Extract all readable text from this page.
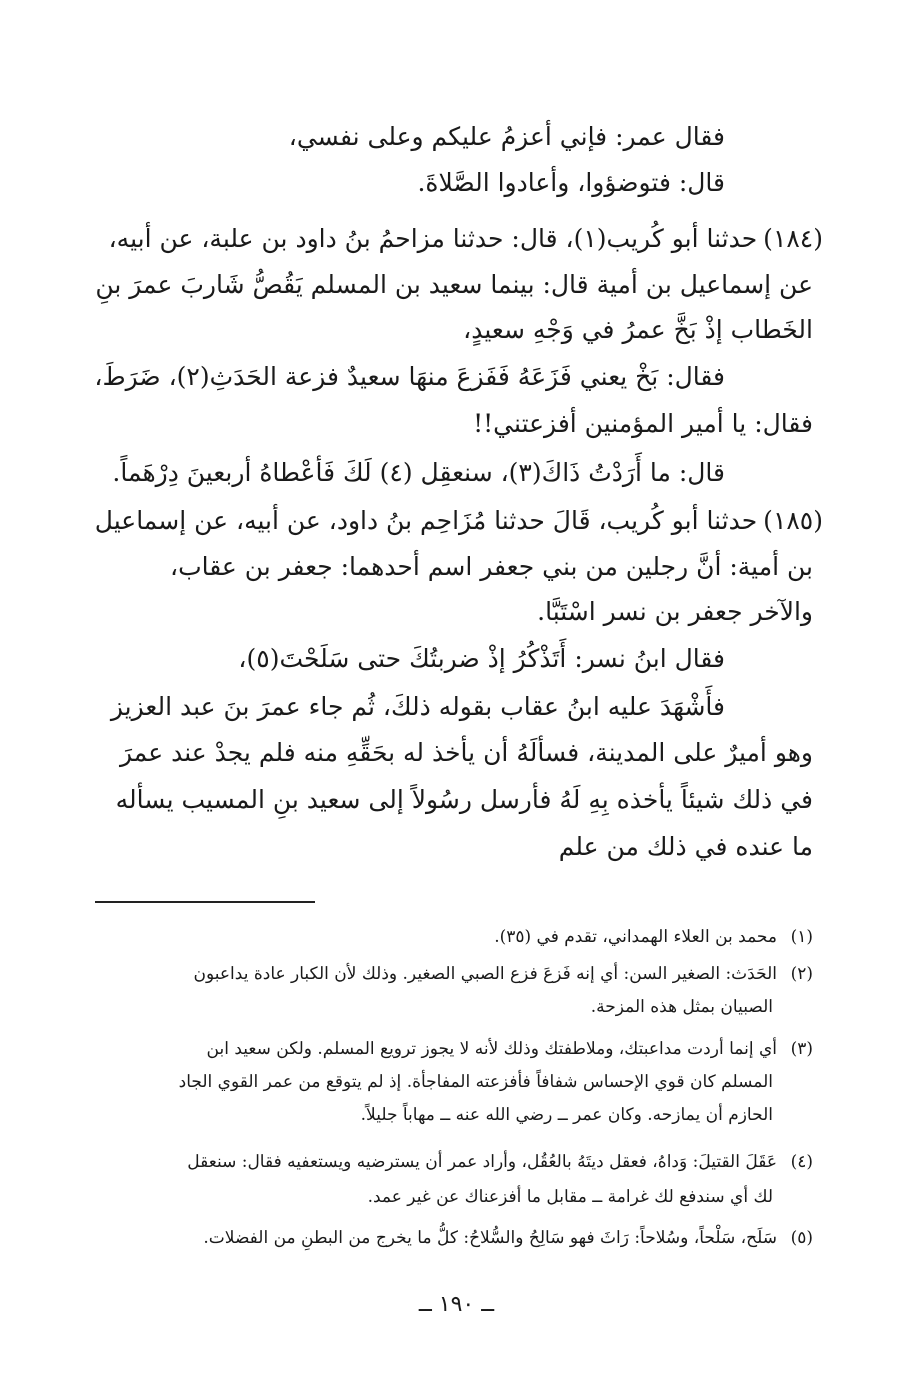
فقال عمر: فإني أعزمُ عليكم وعلى نفسي،
قال: فتوضؤوا، وأعادوا الصَّلاةَ.
(١٨٤)حدثنا أبو كُريب(١)، قال: حدثنا مزاحمُ بنُ داود بن علبة، عن أبيه،
عن إسماعيل بن أمية قال: بينما سعيد بن المسلم يَقُصُّ شَاربَ عمرَ بنِ
الخَطاب إذْ بَخَّ عمرُ في وَجْهِ سعيدٍ،
فقال: بَخْ يعني فَزَعَهُ فَفَزعَ منهَا سعيدٌ فزعة الحَدَثِ(٢)، ضَرَطَ،
فقال: يا أمير المؤمنين أفزعتني!!
قال: ما أَرَدْتُ ذَاكَ(٣)، سنعقِل (٤) لَكَ فَأعْطاهُ أربعينَ دِرْهَماً.
(١٨٥)حدثنا أبو كُريب، قَالَ حدثنا مُزَاحِم بنُ داود، عن أبيه، عن إسماعيل
بن أمية: أنَّ رجلين من بني جعفر اسم أحدهما: جعفر بن عقاب،
والآخر جعفر بن نسر اسْتَبَّا.
فقال ابنُ نسر: أَتَذْكُرُ إذْ ضربتُكَ حتى سَلَحْتَ(٥)،
فأَشْهَدَ عليه ابنُ عقاب بقوله ذلكَ، ثُم جاء عمرَ بنَ عبد العزيز
وهو أميرٌ على المدينة، فسألَهُ أن يأخذ له بحَقِّهِ منه فلم يجدْ عند عمرَ
في ذلك شيئاً يأخذه بِهِ لَهُ فأرسل رسُولاً إلى سعيد بنِ المسيب يسأله
ما عنده في ذلك من علم
(١)محمد بن العلاء الهمداني، تقدم في (٣٥).
(٢)الحَدَث: الصغير السن: أي إنه فَزعَ فزع الصبي الصغير. وذلك لأن الكبار عادة يداعبون
الصبيان بمثل هذه المزحة.
(٣)أي إنما أردت مداعبتك، وملاطفتك وذلك لأنه لا يجوز ترويع المسلم. ولكن سعيد ابن
المسلم كان قوي الإحساس شفافاً فأفزعته المفاجأة. إذ لم يتوقع من عمر القوي الجاد
الحازم أن يمازحه. وكان عمر ــ رضي الله عنه ــ مهاباً جليلاً.
(٤)عَقَلَ القتيلَ: وَداهُ، فعقل ديتَهُ بالعُقُل، وأراد عمر أن يسترضيه ويستعفيه فقال: سنعقل
لك أي سندفع لك غرامة ــ مقابل ما أفزعناك عن غير عمد.
(٥)سَلَح، سَلْحاً، وسُلاحاً: رَاثَ فهو سَالِحُ والسُّلاحُ: كلُّ ما يخرج من البطنِ من الفضلات.
ــ ١٩٠ ــ
